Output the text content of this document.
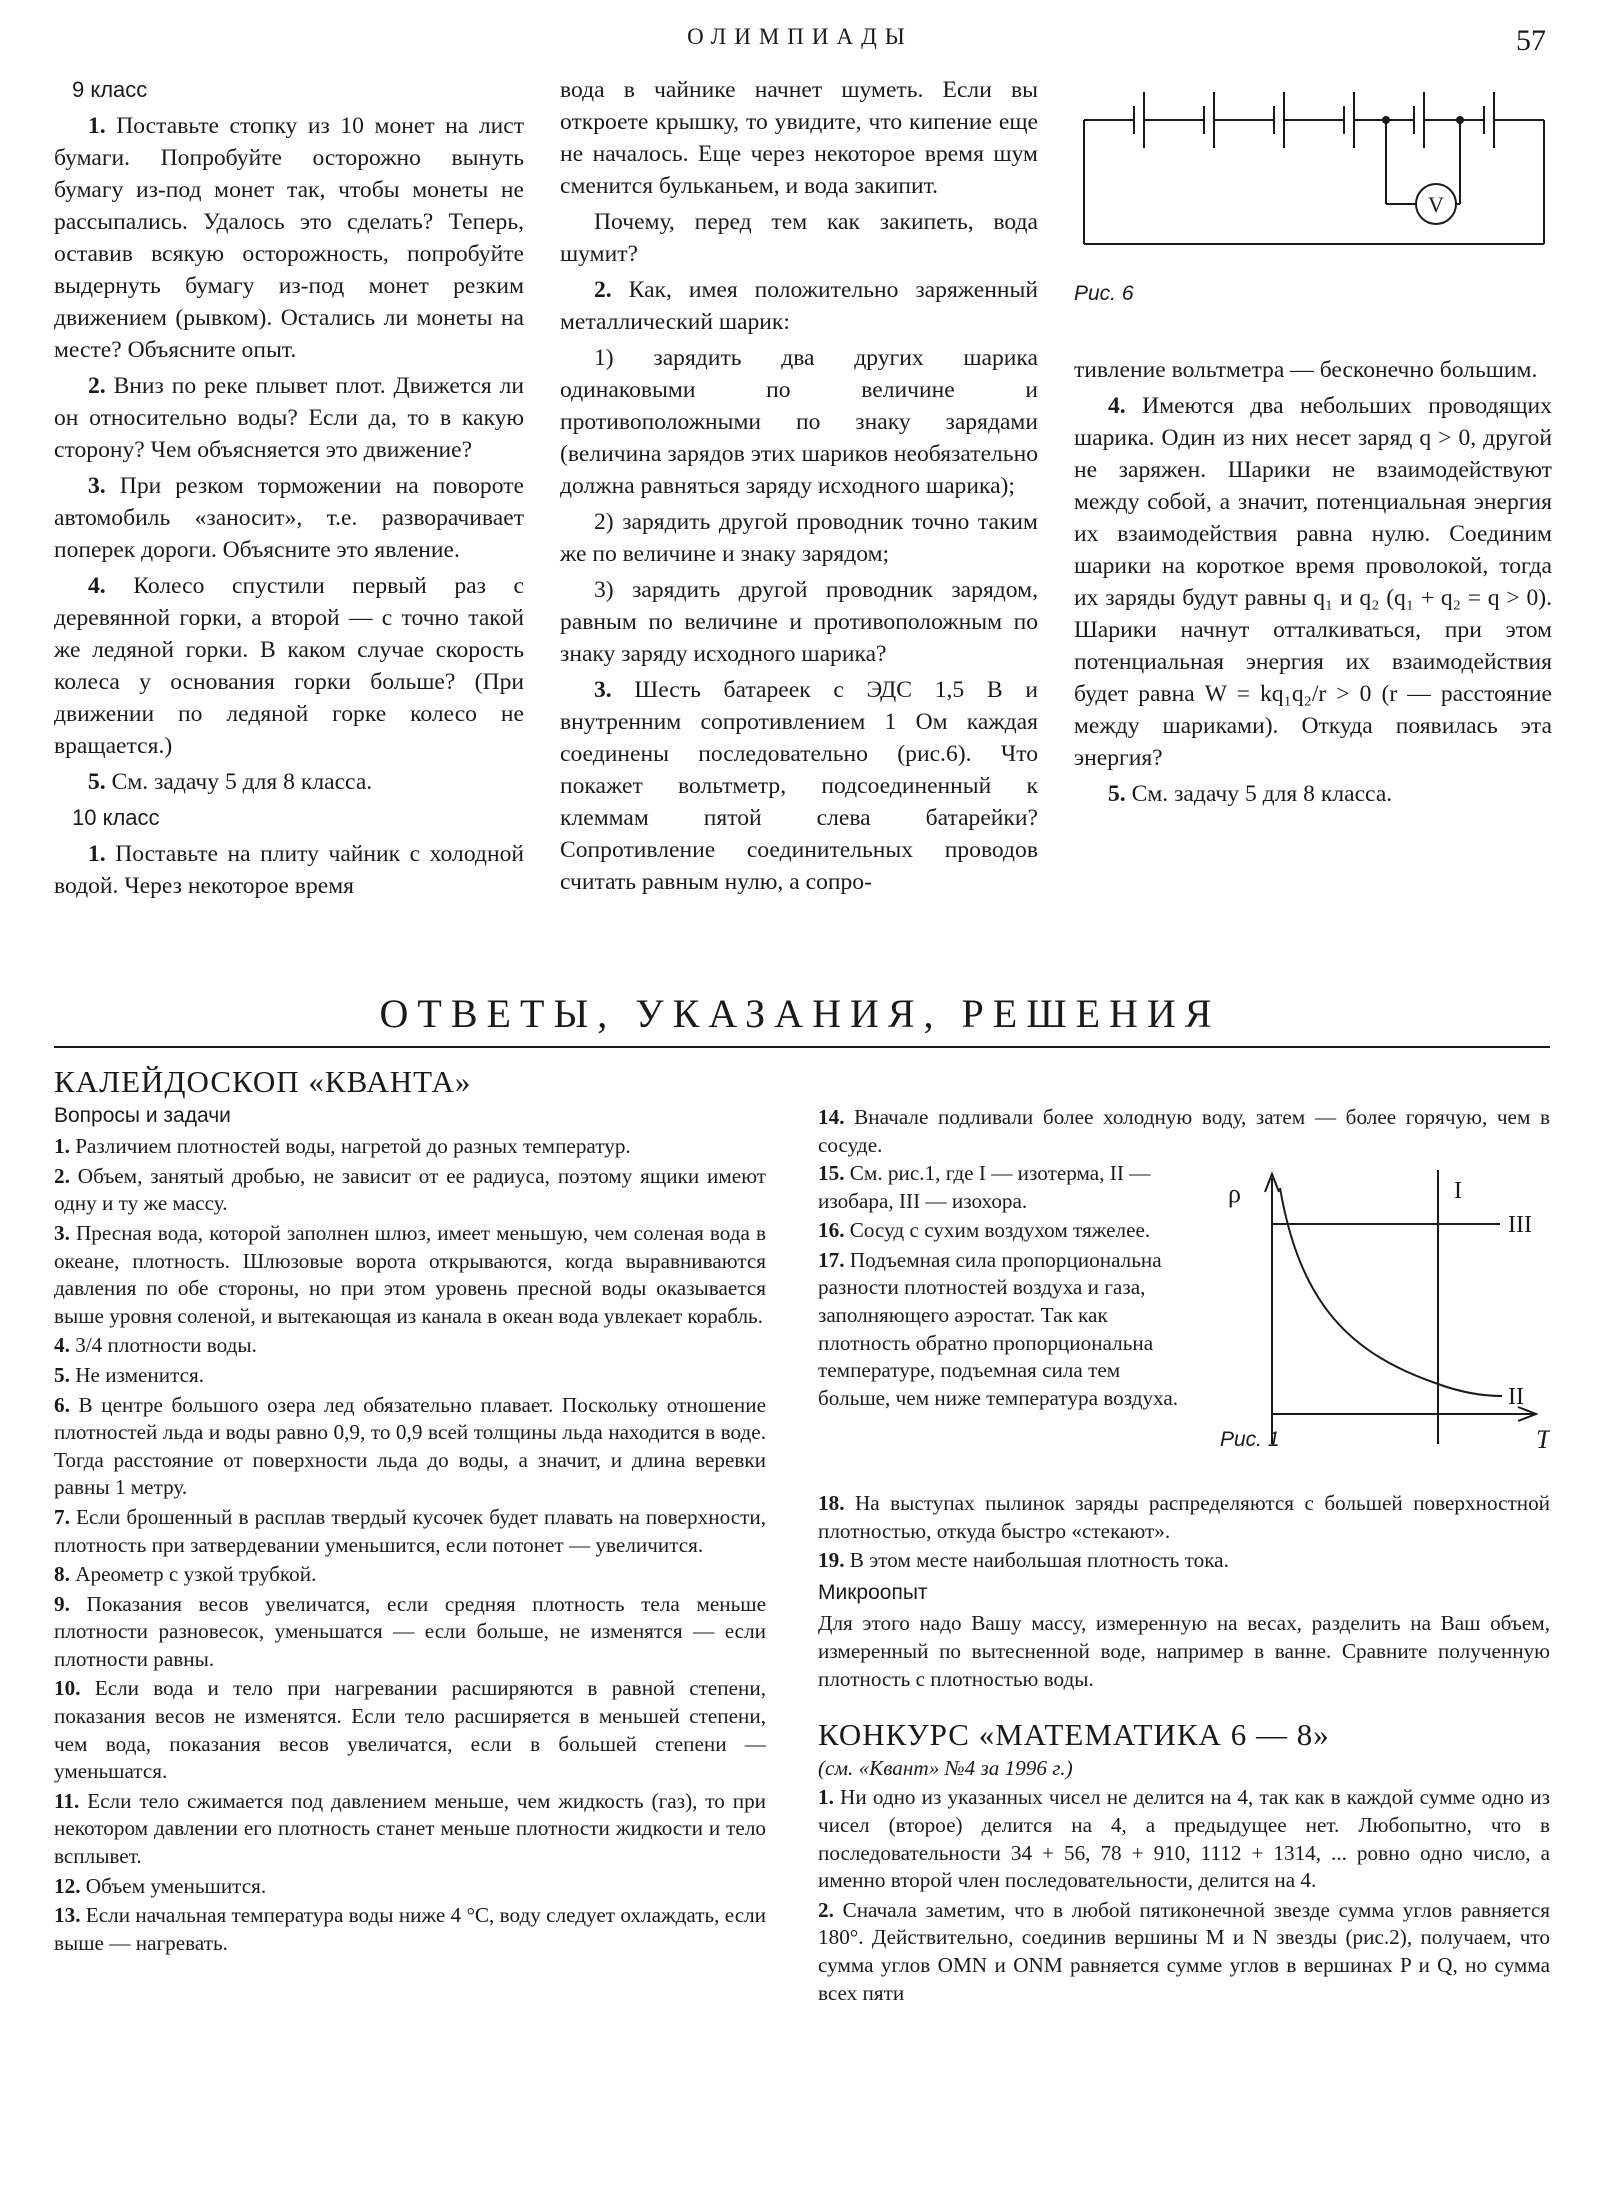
ОЛИМПИАДЫ	57
9 класс

1. Поставьте стопку из 10 монет на лист бумаги. Попробуйте осторожно вынуть бумагу из-под монет так, чтобы монеты не рассыпались. Удалось это сделать? Теперь, оставив всякую осторожность, попробуйте выдернуть бумагу из-под монет резким движением (рывком). Остались ли монеты на месте? Объясните опыт.

2. Вниз по реке плывет плот. Движется ли он относительно воды? Если да, то в какую сторону? Чем объясняется это движение?

3. При резком торможении на повороте автомобиль «заносит», т.е. разворачивает поперек дороги. Объясните это явление.

4. Колесо спустили первый раз с деревянной горки, а второй — с точно такой же ледяной горки. В каком случае скорость колеса у основания горки больше? (При движении по ледяной горке колесо не вращается.)

5. См. задачу 5 для 8 класса.

10 класс

1. Поставьте на плиту чайник с холодной водой. Через некоторое время

вода в чайнике начнет шуметь. Если вы откроете крышку, то увидите, что кипение еще не началось. Еще через некоторое время шум сменится бульканьем, и вода закипит.

Почему, перед тем как закипеть, вода шумит?

2. Как, имея положительно заряженный металлический шарик:

1) зарядить два других шарика одинаковыми по величине и противоположными по знаку зарядами (величина зарядов этих шариков необязательно должна равняться заряду исходного шарика);

2) зарядить другой проводник точно таким же по величине и знаку зарядом;

3) зарядить другой проводник зарядом, равным по величине и противоположным по знаку заряду исходного шарика?

3. Шесть батареек с ЭДС 1,5 В и внутренним сопротивлением 1 Ом каждая соединены последовательно (рис.6). Что покажет вольтметр, подсоединенный к клеммам пятой слева батарейки? Сопротивление соединительных проводов считать равным нулю, а сопро-

V
Рис. 6

тивление вольтметра — бесконечно большим.

4. Имеются два небольших проводящих шарика. Один из них несет заряд q > 0, другой не заряжен. Шарики не взаимодействуют между собой, а значит, потенциальная энергия их взаимодействия равна нулю. Соединим шарики на короткое время проволокой, тогда их заряды будут равны q₁ и q₂ (q₁ + q₂ = q > 0). Шарики начнут отталкиваться, при этом потенциальная энергия их взаимодействия будет равна W = kq₁q₂/r > 0 (r — расстояние между шариками). Откуда появилась эта энергия?

5. См. задачу 5 для 8 класса.

ОТВЕТЫ, УКАЗАНИЯ, РЕШЕНИЯ
КАЛЕЙДОСКОП «КВАНТА»
Вопросы и задачи

1. Различием плотностей воды, нагретой до разных температур.

2. Объем, занятый дробью, не зависит от ее радиуса, поэтому ящики имеют одну и ту же массу.

3. Пресная вода, которой заполнен шлюз, имеет меньшую, чем соленая вода в океане, плотность. Шлюзовые ворота открываются, когда выравниваются давления по обе стороны, но при этом уровень пресной воды оказывается выше уровня соленой, и вытекающая из канала в океан вода увлекает корабль.

4. 3/4 плотности воды.

5. Не изменится.

6. В центре большого озера лед обязательно плавает. Поскольку отношение плотностей льда и воды равно 0,9, то 0,9 всей толщины льда находится в воде. Тогда расстояние от поверхности льда до воды, а значит, и длина веревки равны 1 метру.

7. Если брошенный в расплав твердый кусочек будет плавать на поверхности, плотность при затвердевании уменьшится, если потонет — увеличится.

8. Ареометр с узкой трубкой.

9. Показания весов увеличатся, если средняя плотность тела меньше плотности разновесок, уменьшатся — если больше, не изменятся — если плотности равны.

10. Если вода и тело при нагревании расширяются в равной степени, показания весов не изменятся. Если тело расширяется в меньшей степени, чем вода, показания весов увеличатся, если в большей степени — уменьшатся.

11. Если тело сжимается под давлением меньше, чем жидкость (газ), то при некотором давлении его плотность станет меньше плотности жидкости и тело всплывет.

12. Объем уменьшится.

13. Если начальная температура воды ниже 4 °С, воду следует охлаждать, если выше — нагревать.

14. Вначале подливали более холодную воду, затем — более горячую, чем в сосуде.

15. См. рис.1, где I — изотерма, II — изобара, III — изохора.

16. Сосуд с сухим воздухом тяжелее.

17. Подъемная сила пропорциональна разности плотностей воздуха и газа, заполняющего аэростат. Так как плотность обратно пропорциональна температуре, подъемная сила тем больше, чем ниже температура воздуха.

ρ
T
I
III
II
Рис. 1

18. На выступах пылинок заряды распределяются с большей поверхностной плотностью, откуда быстро «стекают».

19. В этом месте наибольшая плотность тока.

Микроопыт

Для этого надо Вашу массу, измеренную на весах, разделить на Ваш объем, измеренный по вытесненной воде, например в ванне. Сравните полученную плотность с плотностью воды.

КОНКУРС «МАТЕМАТИКА 6 — 8»

(см. «Квант» №4 за 1996 г.)

1. Ни одно из указанных чисел не делится на 4, так как в каждой сумме одно из чисел (второе) делится на 4, а предыдущее нет. Любопытно, что в последовательности 34 + 56, 78 + 910, 1112 + 1314, ... ровно одно число, а именно второй член последовательности, делится на 4.

2. Сначала заметим, что в любой пятиконечной звезде сумма углов равняется 180°. Действительно, соединив вершины M и N звезды (рис.2), получаем, что сумма углов OMN и ONM равняется сумме углов в вершинах P и Q, но сумма всех пяти
